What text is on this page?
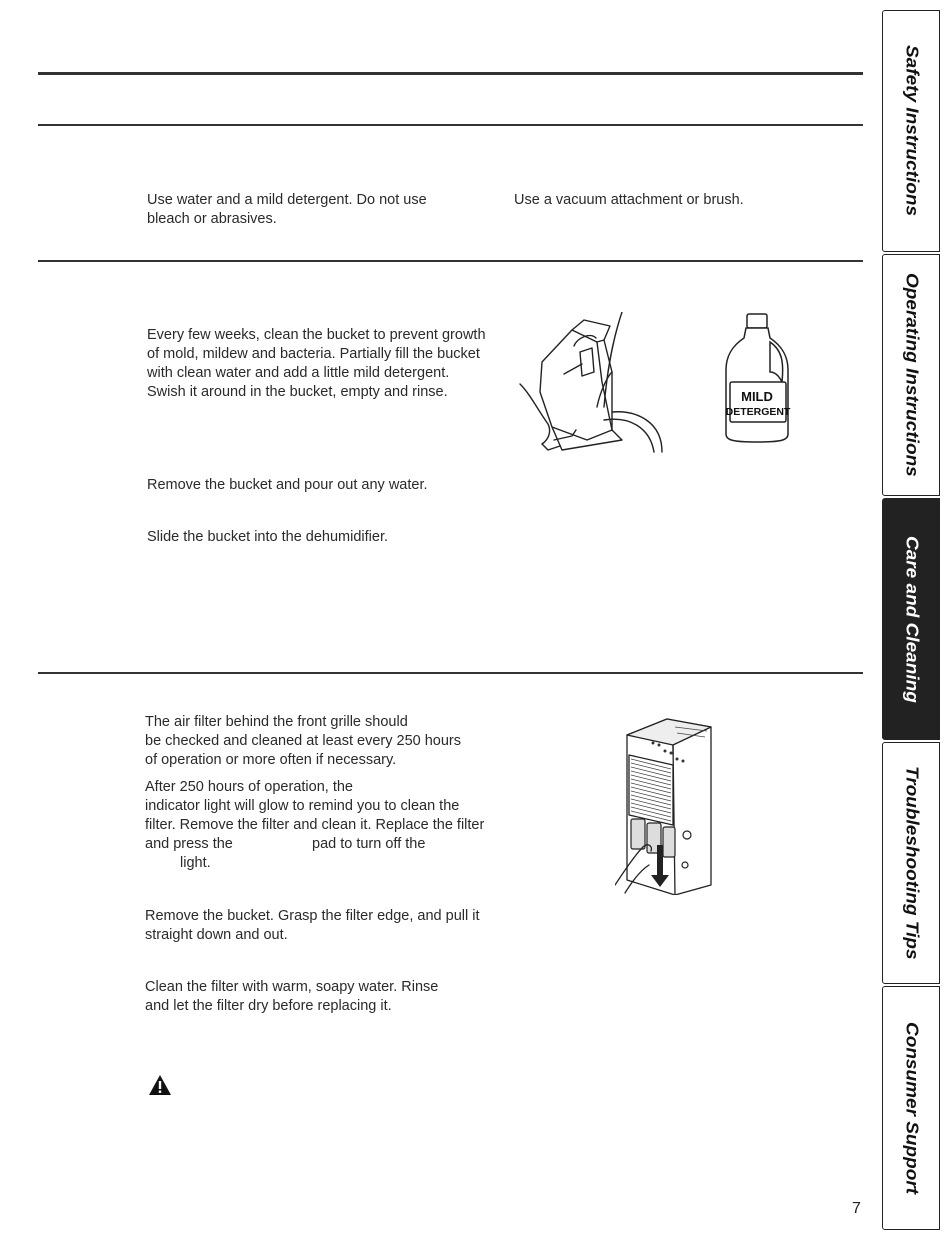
Use water and a mild detergent. Do not use
bleach or abrasives.
Use a vacuum attachment or brush.
Every few weeks, clean the bucket to prevent growth
of mold, mildew and bacteria. Partially fill the bucket
with clean water and add a little mild detergent.
Swish it around in the bucket, empty and rinse.
Remove the bucket and pour out any water.
Slide the bucket into the dehumidifier.
MILD
DETERGENT
The air filter behind the front grille should
be checked and cleaned at least every 250 hours
of operation or more often if necessary.
After 250 hours of operation, the
indicator light will glow to remind you to clean the
filter. Remove the filter and clean it. Replace the filter
and press the	pad to turn off the
light.
Remove the bucket. Grasp the filter edge, and pull it
straight down and out.
Clean the filter with warm, soapy water. Rinse
and let the filter dry before replacing it.
Safety Instructions
Operating Instructions
Care and Cleaning
Troubleshooting Tips
Consumer Support
7
